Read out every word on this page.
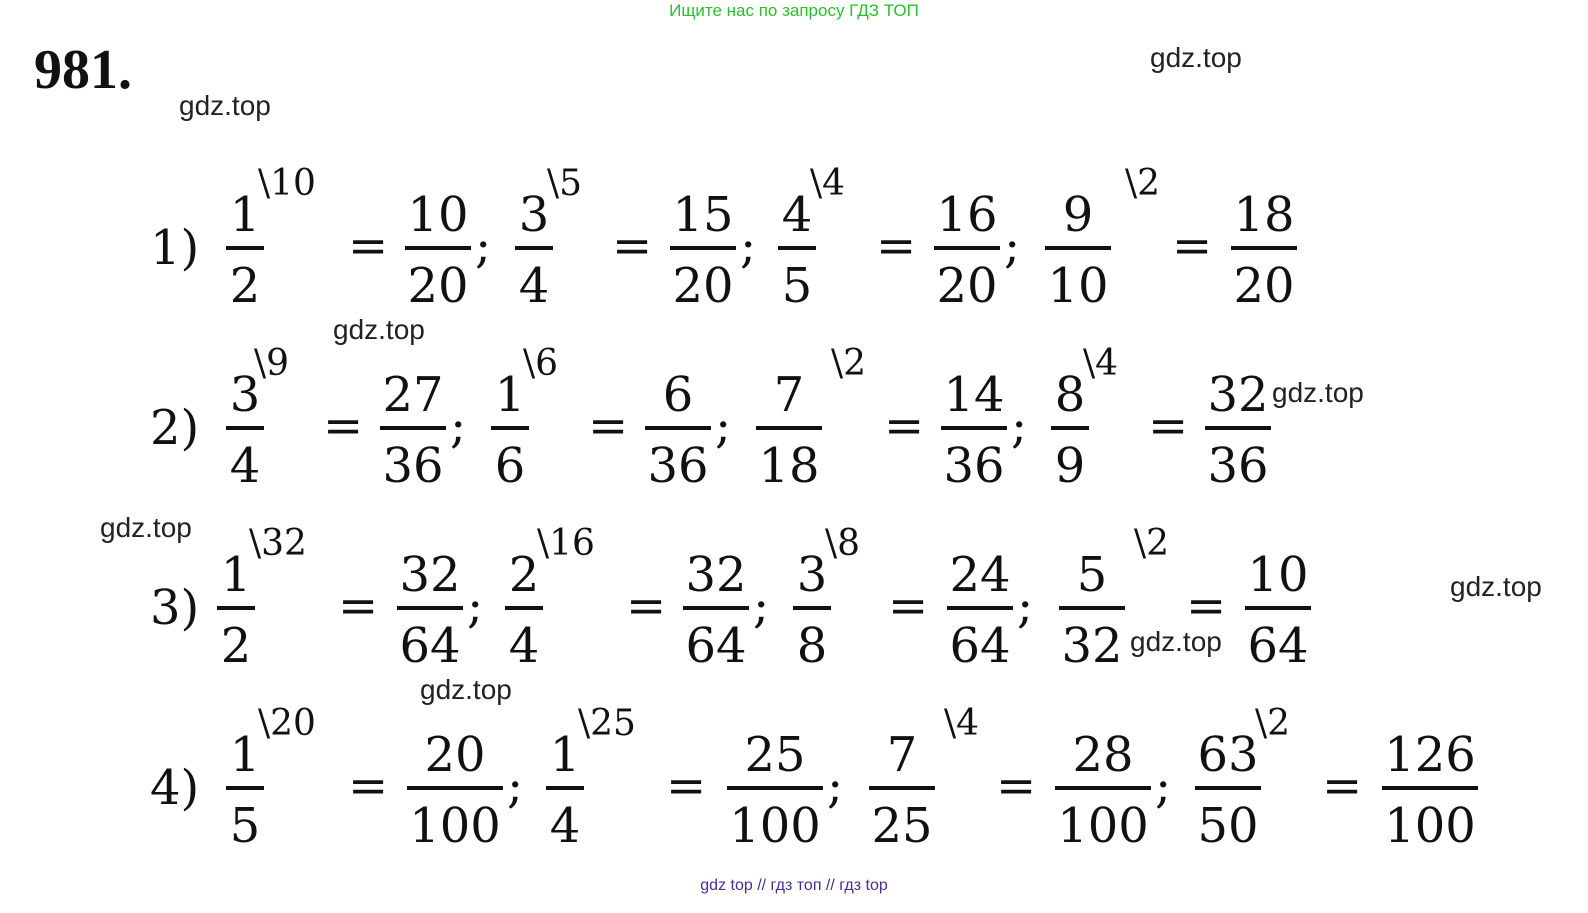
Ищите нас по запросу ГДЗ ТОП
981.	gdz.top
gdz.top
gdz.top
gdz.top
gdz.top
gdz.top
gdz.top
gdz.top
1)
1
2
\10
=
10
20
;
3
4
\5
=
15
20
;
4
5
\4
=
16
20
;
9
10
\2
=
18
20
2)
3
4
\9
=
27
36
;
1
6
\6
=
6
36
;
7
18
\2
=
14
36
;
8
9
\4
=
32
36
3)
1
2
\32
=
32
64
;
2
4
\16
=
32
64
;
3
8
\8
=
24
64
;
5
32
\2
=
10
64
4)
1
5
\20
=
20
100
;
1
4
\25
=
25
100
;
7
25
\4
=
28
100
;
63
50
\2
=
126
100
gdz top // гдз топ // гдз top
